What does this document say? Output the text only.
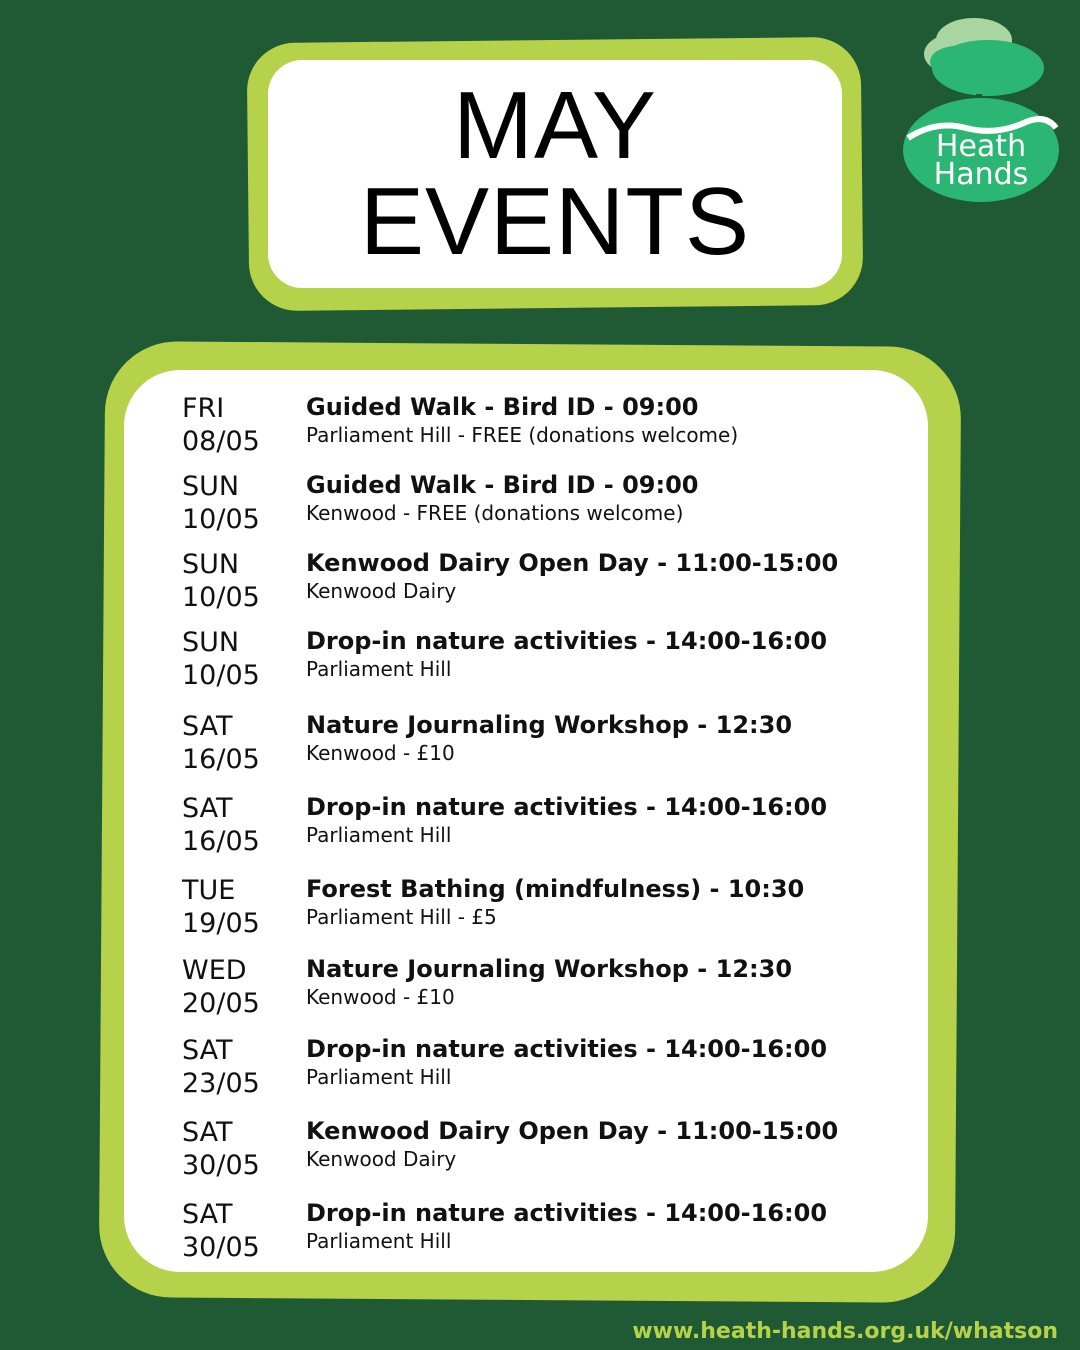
MAY
EVENTS
Heath
Hands
FRI
08/05
Guided Walk - Bird ID - 09:00
Parliament Hill - FREE (donations welcome)
SUN
10/05
Guided Walk - Bird ID - 09:00
Kenwood - FREE (donations welcome)
SUN
10/05
Kenwood Dairy Open Day - 11:00-15:00
Kenwood Dairy
SUN
10/05
Drop-in nature activities - 14:00-16:00
Parliament Hill
SAT
16/05
Nature Journaling Workshop - 12:30
Kenwood - £10
SAT
16/05
Drop-in nature activities - 14:00-16:00
Parliament Hill
TUE
19/05
Forest Bathing (mindfulness) - 10:30
Parliament Hill - £5
WED
20/05
Nature Journaling Workshop - 12:30
Kenwood - £10
SAT
23/05
Drop-in nature activities - 14:00-16:00
Parliament Hill
SAT
30/05
Kenwood Dairy Open Day - 11:00-15:00
Kenwood Dairy
SAT
30/05
Drop-in nature activities - 14:00-16:00
Parliament Hill
www.heath-hands.org.uk/whatson
